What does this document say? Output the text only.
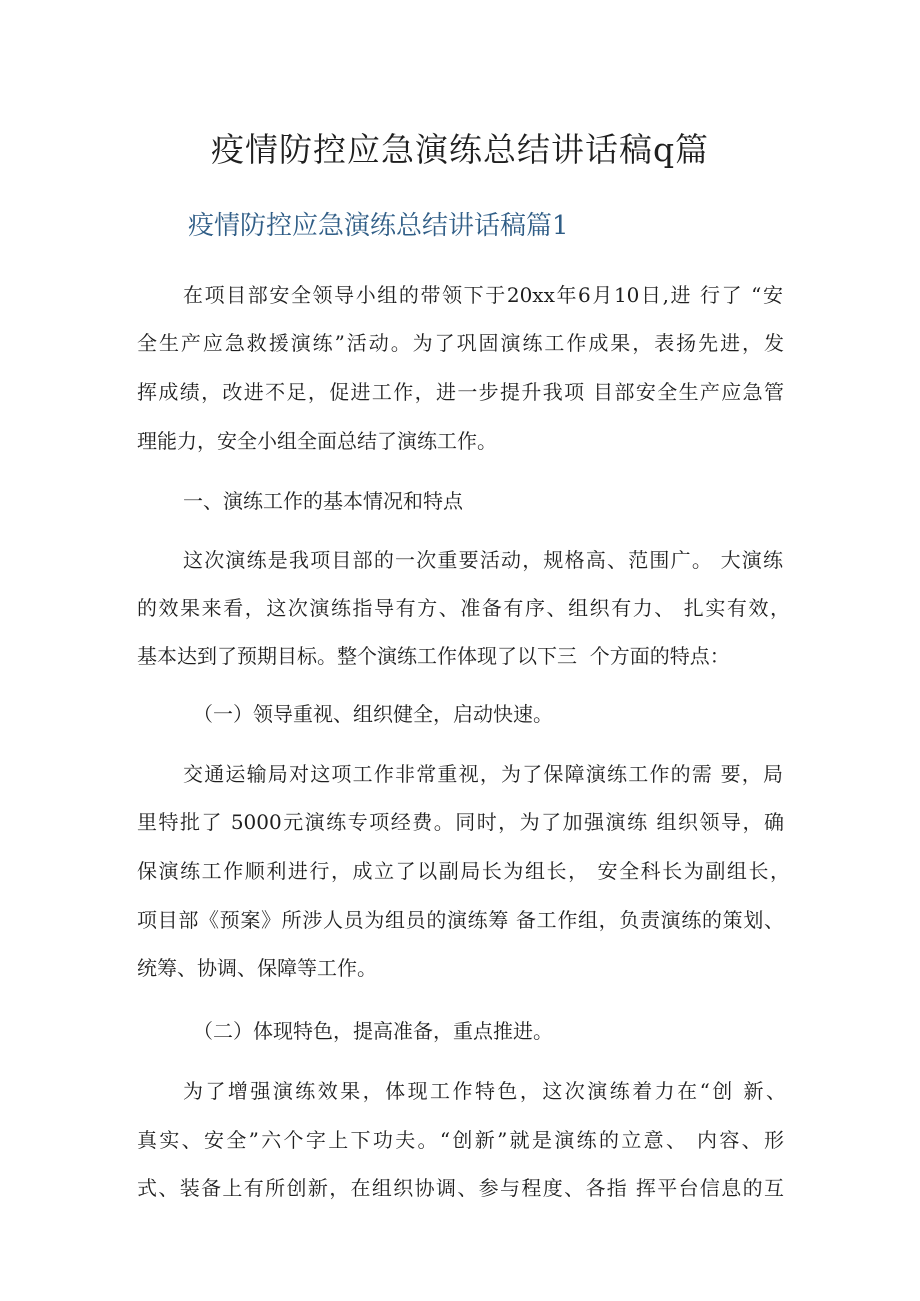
疫情防控应急演练总结讲话稿q篇
疫情防控应急演练总结讲话稿篇1
在项目部安全领导小组的带领下于20xx年6月10日,进 行了 “安
全生产应急救援演练”活动。为了巩固演练工作成果，表扬先进，发
挥成绩，改进不足，促进工作，进一步提升我项 目部安全生产应急管
理能力，安全小组全面总结了演练工作。
一、演练工作的基本情况和特点
这次演练是我项目部的一次重要活动，规格高、范围广。 大演练
的效果来看，这次演练指导有方、准备有序、组织有力、 扎实有效，
基本达到了预期目标。整个演练工作体现了以下三  个方面的特点：
（一）领导重视、组织健全，启动快速。
交通运输局对这项工作非常重视，为了保障演练工作的需 要，局
里特批了 5000元演练专项经费。同时，为了加强演练 组织领导，确
保演练工作顺利进行，成立了以副局长为组长， 安全科长为副组长，
项目部《预案》所涉人员为组员的演练筹 备工作组，负责演练的策划、
统筹、协调、保障等工作。
（二）体现特色，提高准备，重点推进。
为了增强演练效果，体现工作特色，这次演练着力在“创 新、
真实、安全”六个字上下功夫。“创新”就是演练的立意、 内容、形
式、装备上有所创新，在组织协调、参与程度、各指 挥平台信息的互
